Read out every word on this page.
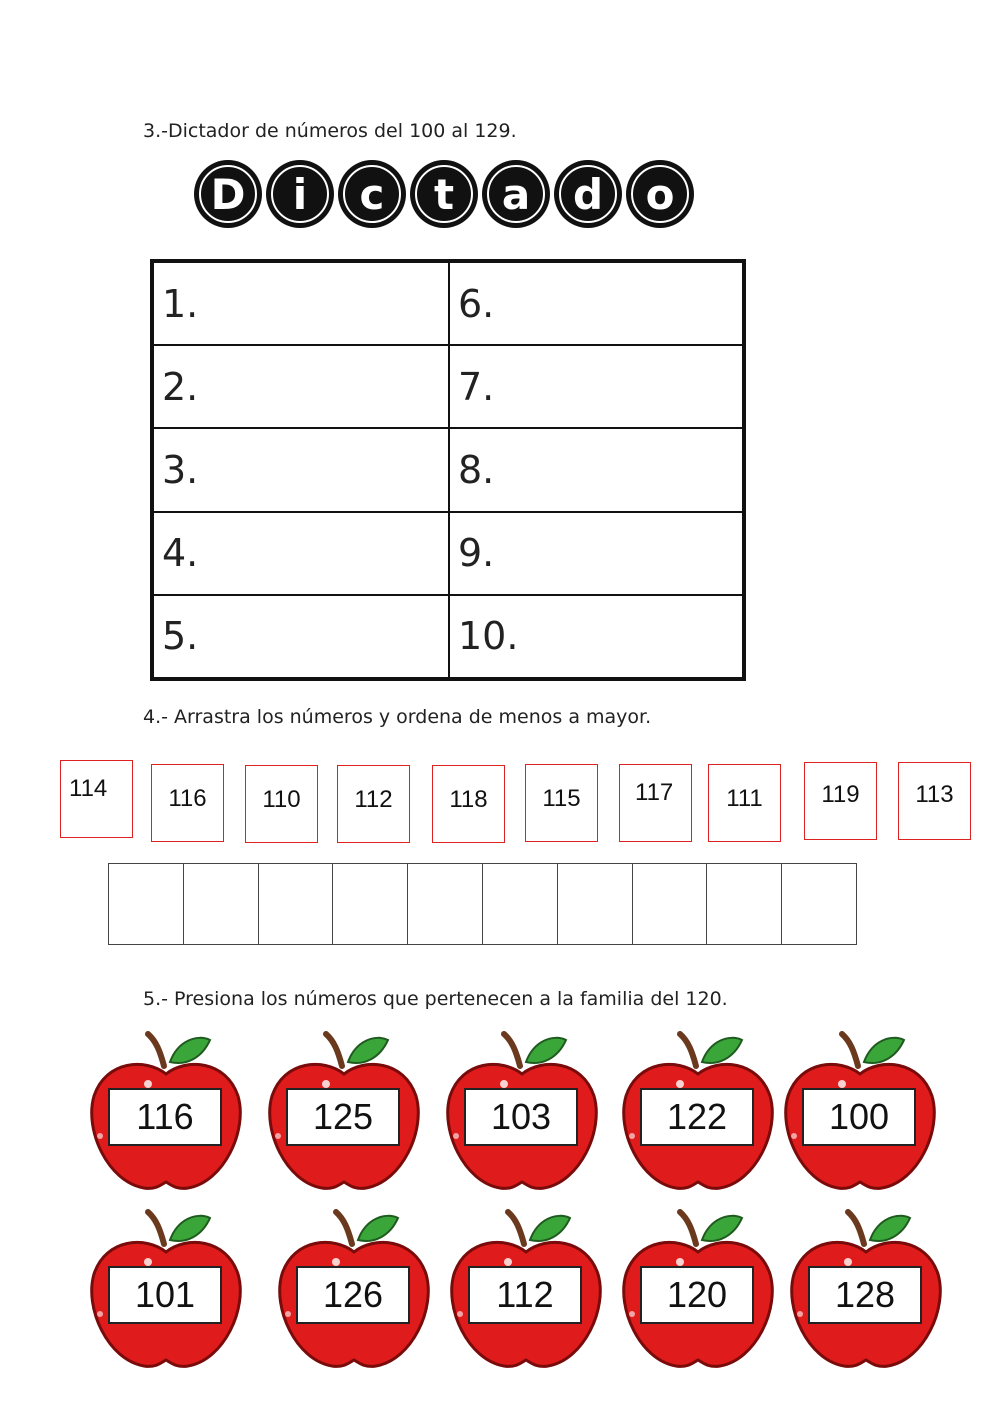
3.-Dictador de números del 100 al 129.
D i c t a d o
1.	6.
2.	7.
3.	8.
4.	9.
5.	10.
4.- Arrastra los números y ordena de menos a mayor.
114	116	110	112	118	115	117	111	119	113
5.- Presiona los números que pertenecen a la familia del 120.
116	125	103	122	100
101	126	112	120	128
